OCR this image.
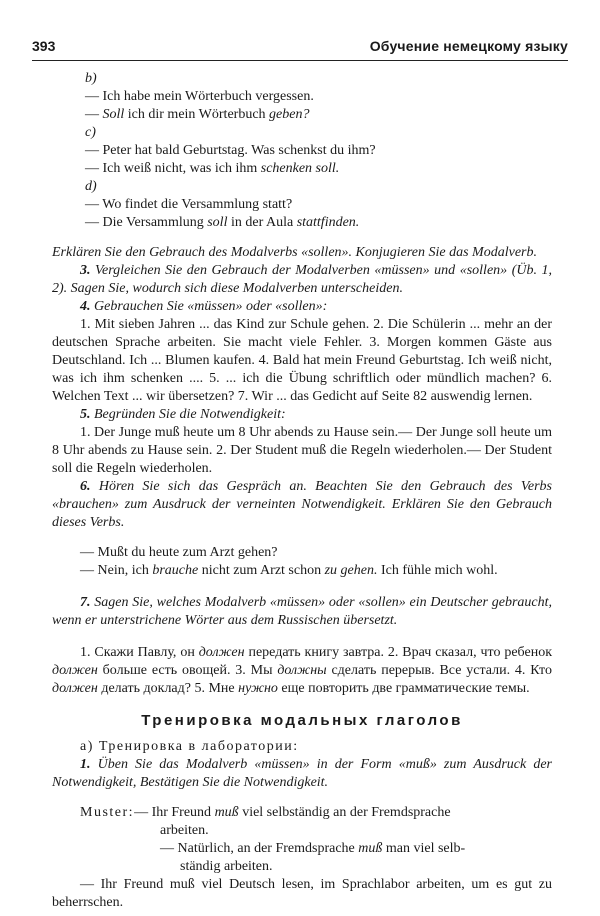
393	Обучение немецкому языку

b)

— Ich habe mein Wörterbuch vergessen.

— Soll ich dir mein Wörterbuch geben?

c)

— Peter hat bald Geburtstag. Was schenkst du ihm?

— Ich weiß nicht, was ich ihm schenken soll.

d)

— Wo findet die Versammlung statt?

— Die Versammlung soll in der Aula stattfinden.

Erklären Sie den Gebrauch des Modalverbs «sollen». Konjugieren Sie das Modalverb.

3. Vergleichen Sie den Gebrauch der Modalverben «müssen» und «sollen» (Üb. 1, 2). Sagen Sie, wodurch sich diese Modalverben unterscheiden.

4. Gebrauchen Sie «müssen» oder «sollen»:

1. Mit sieben Jahren ... das Kind zur Schule gehen. 2. Die Schülerin ... mehr an der deutschen Sprache arbeiten. Sie macht viele Fehler. 3. Morgen kommen Gäste aus Deutschland. Ich ... Blumen kaufen. 4. Bald hat mein Freund Geburtstag. Ich weiß nicht, was ich ihm schenken .... 5. ... ich die Übung schriftlich oder mündlich machen? 6. Welchen Text ... wir übersetzen? 7. Wir ... das Gedicht auf Seite 82 auswendig lernen.

5. Begründen Sie die Notwendigkeit:

1. Der Junge muß heute um 8 Uhr abends zu Hause sein.— Der Junge soll heute um 8 Uhr abends zu Hause sein. 2. Der Student muß die Regeln wiederholen.— Der Student soll die Regeln wiederholen.

6. Hören Sie sich das Gespräch an. Beachten Sie den Gebrauch des Verbs «brauchen» zum Ausdruck der verneinten Notwendigkeit. Erklären Sie den Gebrauch dieses Verbs.

— Mußt du heute zum Arzt gehen?

— Nein, ich brauche nicht zum Arzt schon zu gehen. Ich fühle mich wohl.

7. Sagen Sie, welches Modalverb «müssen» oder «sollen» ein Deutscher gebraucht, wenn er unterstrichene Wörter aus dem Russischen übersetzt.

1. Скажи Павлу, он должен передать книгу завтра. 2. Врач сказал, что ребенок должен больше есть овощей. 3. Мы должны сделать перерыв. Все устали. 4. Кто должен делать доклад? 5. Мне нужно еще повторить две грамматические темы.

Тренировка модальных глаголов

а) Тренировка в лаборатории:

1. Üben Sie das Modalverb «müssen» in der Form «muß» zum Ausdruck der Notwendigkeit, Bestätigen Sie die Notwendigkeit.

Muster:— Ihr Freund muß viel selbständig an der Fremdsprache

arbeiten.

— Natürlich, an der Fremdsprache muß man viel selb-

ständig arbeiten.

— Ihr Freund muß viel Deutsch lesen, im Sprachlabor arbeiten, um es gut zu beherrschen.
